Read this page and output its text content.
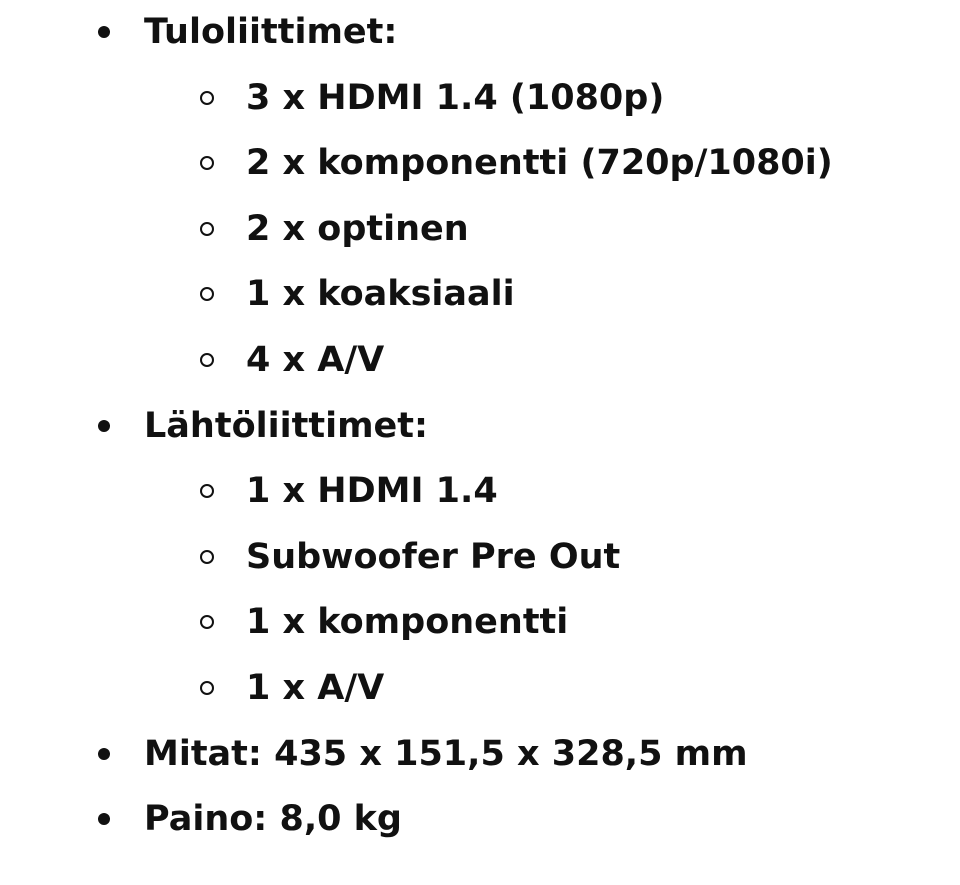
Tuloliittimet:
3 x HDMI 1.4 (1080p)
2 x komponentti (720p/1080i)
2 x optinen
1 x koaksiaali
4 x A/V
Lähtöliittimet:
1 x HDMI 1.4
Subwoofer Pre Out
1 x komponentti
1 x A/V
Mitat: 435 x 151,5 x 328,5 mm
Paino: 8,0 kg
